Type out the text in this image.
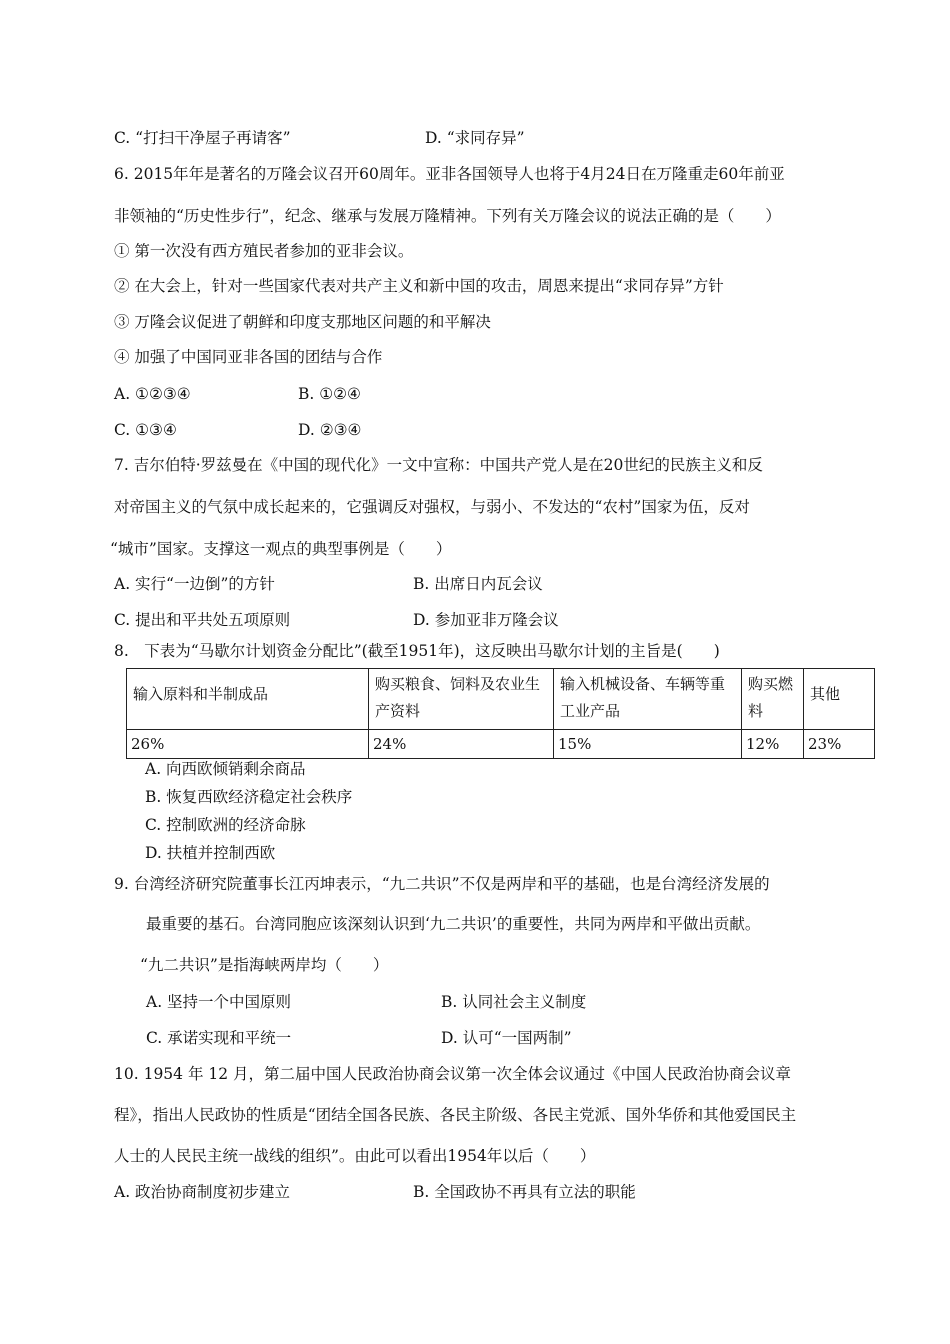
C. “打扫干净屋子再请客”	D. “求同存异”
6. 2015年年是著名的万隆会议召开60周年。亚非各国领导人也将于4月24日在万隆重走60年前亚
非领袖的“历史性步行”，纪念、继承与发展万隆精神。下列有关万隆会议的说法正确的是（　　）
① 第一次没有西方殖民者参加的亚非会议。
② 在大会上，针对一些国家代表对共产主义和新中国的攻击，周恩来提出“求同存异”方针
③ 万隆会议促进了朝鲜和印度支那地区问题的和平解决
④ 加强了中国同亚非各国的团结与合作
A. ①②③④	B. ①②④
C. ①③④	D. ②③④
7. 吉尔伯特·罗兹曼在《中国的现代化》一文中宣称：中国共产党人是在20世纪的民族主义和反
对帝国主义的气氛中成长起来的，它强调反对强权，与弱小、不发达的“农村”国家为伍，反对
“城市”国家。支撑这一观点的典型事例是（　　）
A. 实行“一边倒”的方针	B. 出席日内瓦会议
C. 提出和平共处五项原则	D. 参加亚非万隆会议
8.　下表为“马歇尔计划资金分配比”(截至1951年)，这反映出马歇尔计划的主旨是(　　)
输入原料和半制成品	购买粮食、饲料及农业生产资料	输入机械设备、车辆等重工业产品	购买燃料	其他
26%	24%	15%	12%	23%
A. 向西欧倾销剩余商品
B. 恢复西欧经济稳定社会秩序
C. 控制欧洲的经济命脉
D. 扶植并控制西欧
9. 台湾经济研究院董事长江丙坤表示，“九二共识”不仅是两岸和平的基础，也是台湾经济发展的
最重要的基石。台湾同胞应该深刻认识到‘九二共识’的重要性，共同为两岸和平做出贡献。
“九二共识”是指海峡两岸均（　　）
A. 坚持一个中国原则	B. 认同社会主义制度
C. 承诺实现和平统一	D. 认可“一国两制”
10. 1954 年 12 月，第二届中国人民政治协商会议第一次全体会议通过《中国人民政治协商会议章
程》，指出人民政协的性质是“团结全国各民族、各民主阶级、各民主党派、国外华侨和其他爱国民主
人士的人民民主统一战线的组织”。由此可以看出1954年以后（　　）
A. 政治协商制度初步建立	B. 全国政协不再具有立法的职能
